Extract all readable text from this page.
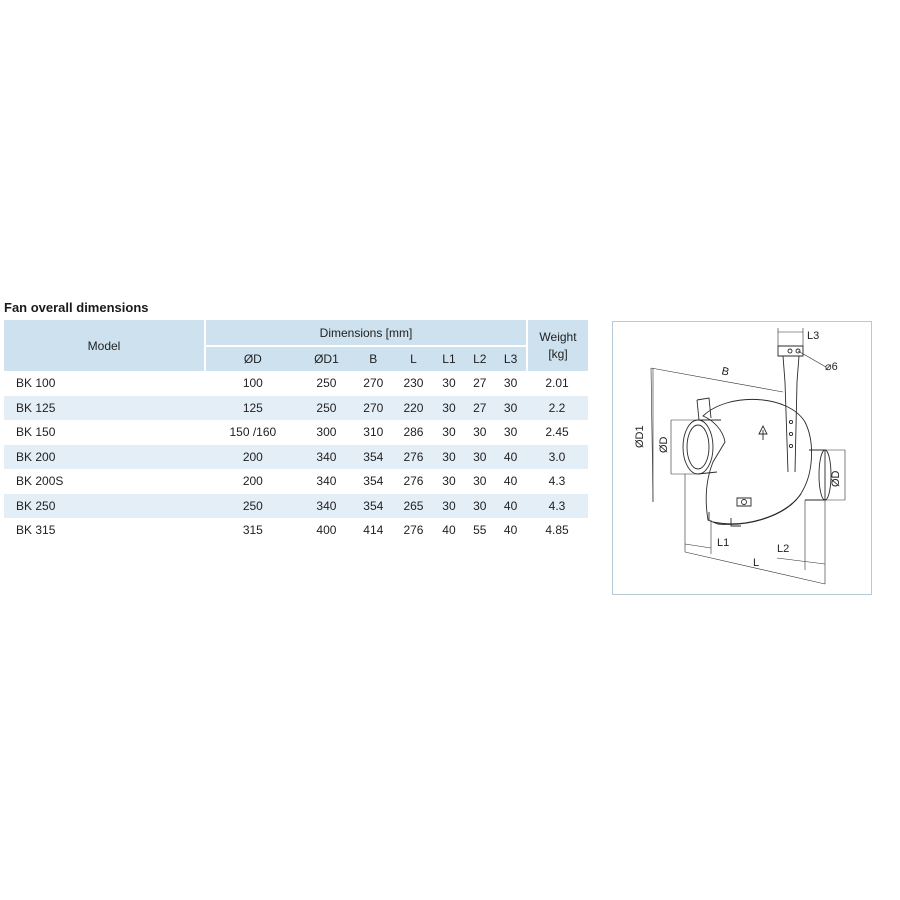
Fan overall dimensions
Model	Dimensions [mm]							Weight
[kg]
	ØD	ØD1	B	L	L1	L2	L3	
BK 100	100	250	270	230	30	27	30	2.01
BK 125	125	250	270	220	30	27	30	2.2
BK 150	150 /160	300	310	286	30	30	30	2.45
BK 200	200	340	354	276	30	30	40	3.0
BK 200S	200	340	354	276	30	30	40	4.3
BK 250	250	340	354	265	30	30	40	4.3
BK 315	315	400	414	276	40	55	40	4.85
L3
⌀6
B
ØD1 ØD
ØD
L1	L2
L
